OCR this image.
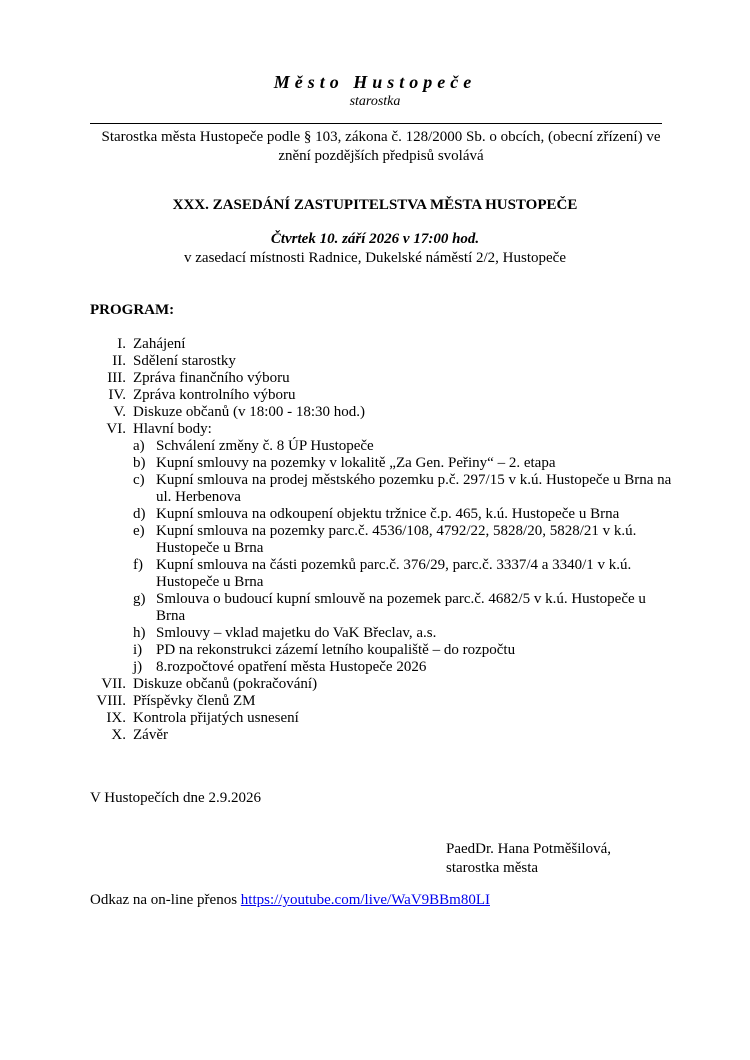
Město Hustopeče
starostka
Starostka města Hustopeče podle § 103, zákona č. 128/2000 Sb. o obcích, (obecní zřízení) ve znění pozdějších předpisů svolává
XXX. ZASEDÁNÍ ZASTUPITELSTVA MĚSTA HUSTOPEČE
Čtvrtek 10. září 2026 v 17:00 hod.
v zasedací místnosti Radnice, Dukelské náměstí 2/2, Hustopeče
PROGRAM:
I. Zahájení
II. Sdělení starostky
III. Zpráva finančního výboru
IV. Zpráva kontrolního výboru
V. Diskuze občanů (v 18:00 - 18:30 hod.)
VI. Hlavní body:
a) Schválení změny č. 8 ÚP Hustopeče
b) Kupní smlouvy na pozemky v lokalitě „Za Gen. Peřiny“ – 2. etapa
c) Kupní smlouva na prodej městského pozemku p.č. 297/15 v k.ú. Hustopeče u Brna na ul. Herbenova
d) Kupní smlouva na odkoupení objektu tržnice č.p. 465, k.ú. Hustopeče u Brna
e) Kupní smlouva na pozemky parc.č. 4536/108, 4792/22, 5828/20, 5828/21 v k.ú. Hustopeče u Brna
f) Kupní smlouva na části pozemků parc.č. 376/29, parc.č. 3337/4 a 3340/1 v k.ú. Hustopeče u Brna
g) Smlouva o budoucí kupní smlouvě na pozemek parc.č. 4682/5 v k.ú. Hustopeče u Brna
h) Smlouvy – vklad majetku do VaK Břeclav, a.s.
i) PD na rekonstrukci zázemí letního koupaliště – do rozpočtu
j) 8.rozpočtové opatření města Hustopeče 2026
VII. Diskuze občanů (pokračování)
VIII. Příspěvky členů ZM
IX. Kontrola přijatých usnesení
X. Závěr
V Hustopečích dne 2.9.2026
PaedDr. Hana Potměšilová,
starostka města
Odkaz na on-line přenos https://youtube.com/live/WaV9BBm80LI
